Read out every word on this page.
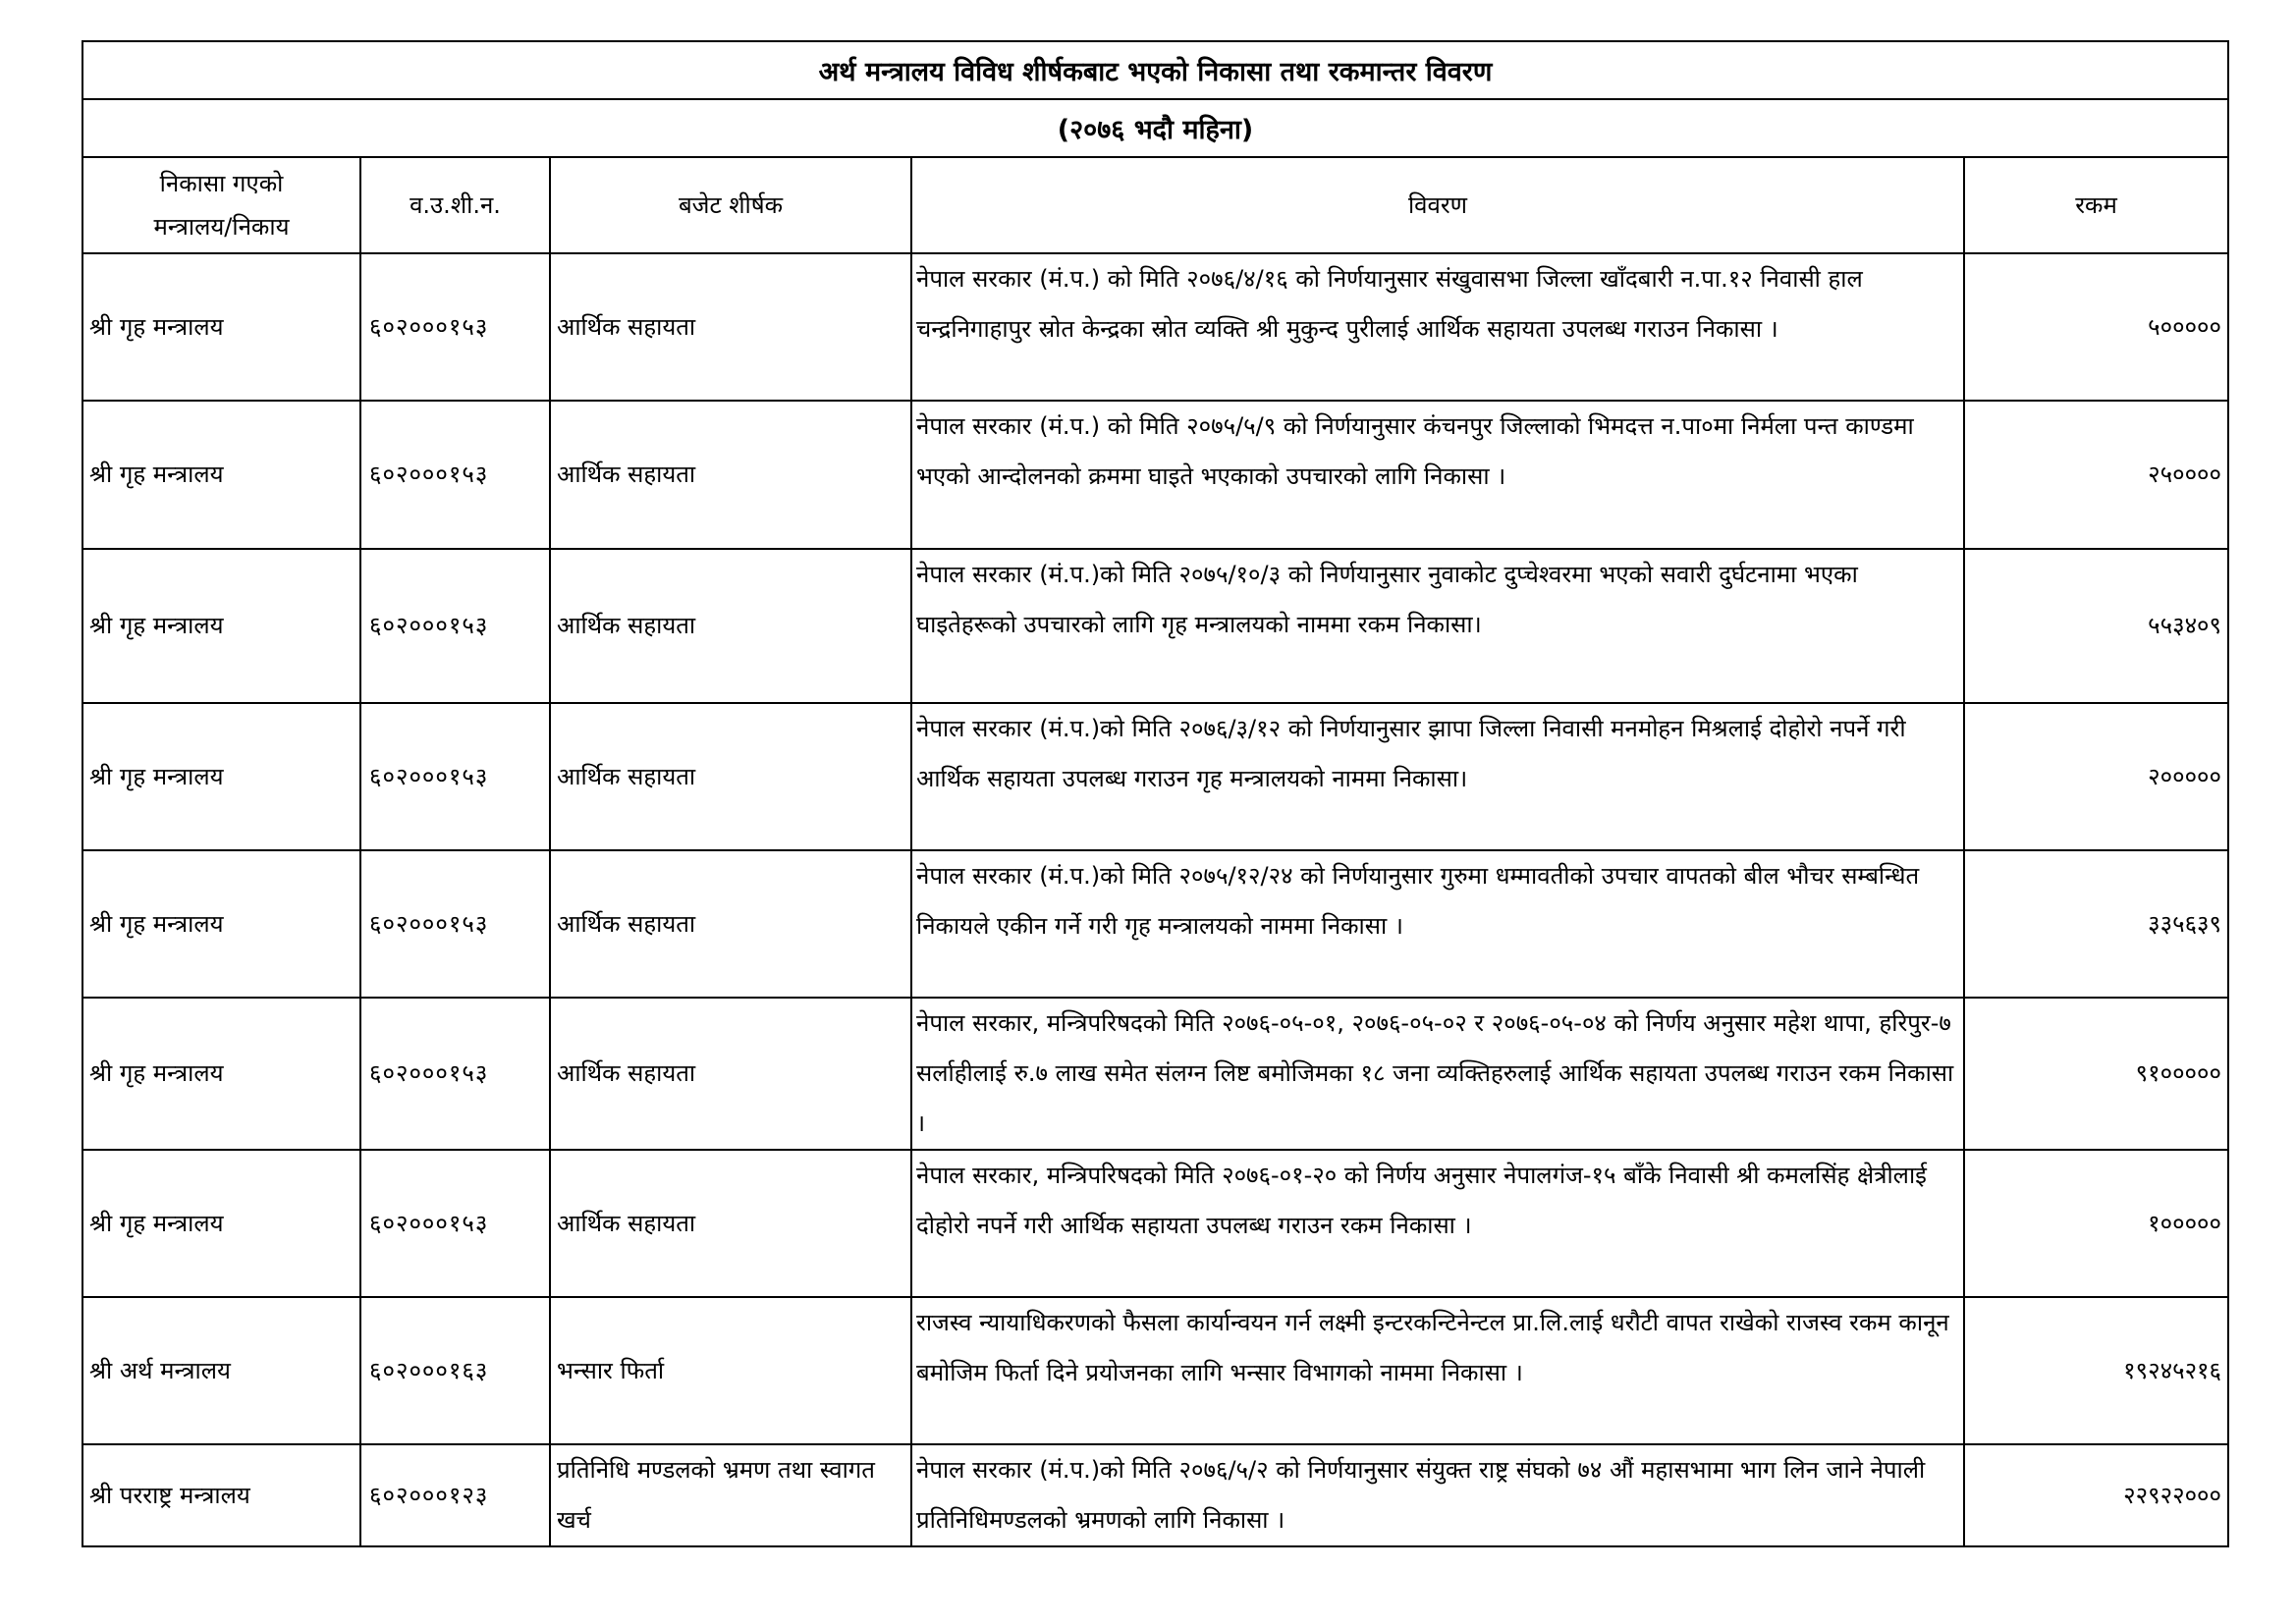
अर्थ मन्त्रालय विविध शीर्षकबाट भएको निकासा तथा रकमान्तर विवरण				
(२०७६ भदौ महिना)				

निकासा गएको मन्त्रालय/निकाय	व.उ.शी.न.	बजेट शीर्षक	विवरण	रकम

श्री गृह मन्त्रालय	६०२०००१५३	आर्थिक सहायता	नेपाल सरकार (मं.प.) को मिति २०७६/४/१६ को निर्णयानुसार संखुवासभा जिल्ला खाँदबारी न.पा.१२ निवासी हाल चन्द्रनिगाहापुर स्रोत केन्द्रका स्रोत व्यक्ति श्री मुकुन्द पुरीलाई आर्थिक सहायता उपलब्ध गराउन निकासा ।	५०००००

श्री गृह मन्त्रालय	६०२०००१५३	आर्थिक सहायता	नेपाल सरकार (मं.प.) को मिति २०७५/५/९ को निर्णयानुसार कंचनपुर जिल्लाको भिमदत्त न.पा०मा निर्मला पन्त काण्डमा भएको आन्दोलनको क्रममा घाइते भएकाको उपचारको लागि निकासा ।	२५००००

श्री गृह मन्त्रालय	६०२०००१५३	आर्थिक सहायता	नेपाल सरकार (मं.प.)को मिति २०७५/१०/३ को निर्णयानुसार नुवाकोट दुप्चेश्वरमा भएको सवारी दुर्घटनामा भएका घाइतेहरूको उपचारको लागि गृह मन्त्रालयको नाममा रकम निकासा।	५५३४०९

श्री गृह मन्त्रालय	६०२०००१५३	आर्थिक सहायता	नेपाल सरकार (मं.प.)को मिति २०७६/३/१२ को निर्णयानुसार झापा जिल्ला निवासी मनमोहन मिश्रलाई दोहोरो नपर्ने गरी आर्थिक सहायता उपलब्ध गराउन गृह मन्त्रालयको नाममा निकासा।	२०००००

श्री गृह मन्त्रालय	६०२०००१५३	आर्थिक सहायता	नेपाल सरकार (मं.प.)को मिति २०७५/१२/२४ को निर्णयानुसार गुरुमा धम्मावतीको उपचार वापतको बील भौचर सम्बन्धित निकायले एकीन गर्ने गरी गृह मन्त्रालयको नाममा निकासा ।	३३५६३९

श्री गृह मन्त्रालय	६०२०००१५३	आर्थिक सहायता	नेपाल सरकार, मन्त्रिपरिषदको मिति २०७६-०५-०१, २०७६-०५-०२ र २०७६-०५-०४ को निर्णय अनुसार महेश थापा, हरिपुर-७ सर्लाहीलाई रु.७ लाख समेत संलग्न लिष्ट बमोजिमका १८ जना व्यक्तिहरुलाई आर्थिक सहायता उपलब्ध गराउन रकम निकासा ।	९१०००००

श्री गृह मन्त्रालय	६०२०००१५३	आर्थिक सहायता	नेपाल सरकार, मन्त्रिपरिषदको मिति २०७६-०१-२० को निर्णय अनुसार नेपालगंज-१५ बाँके निवासी श्री कमलसिंह क्षेत्रीलाई दोहोरो नपर्ने गरी आर्थिक सहायता उपलब्ध गराउन रकम निकासा ।	१०००००

श्री अर्थ मन्त्रालय	६०२०००१६३	भन्सार फिर्ता	राजस्व न्यायाधिकरणको फैसला कार्यान्वयन गर्न लक्ष्मी इन्टरकन्टिनेन्टल प्रा.लि.लाई धरौटी वापत राखेको राजस्व रकम कानून बमोजिम फिर्ता दिने प्रयोजनका लागि भन्सार विभागको नाममा निकासा ।	१९२४५२१६

श्री परराष्ट्र मन्त्रालय	६०२०००१२३	प्रतिनिधि मण्डलको भ्रमण तथा स्वागत खर्च	नेपाल सरकार (मं.प.)को मिति २०७६/५/२ को निर्णयानुसार संयुक्त राष्ट्र संघको ७४ औं महासभामा भाग लिन जाने नेपाली प्रतिनिधिमण्डलको भ्रमणको लागि निकासा ।	२२९२२०००
